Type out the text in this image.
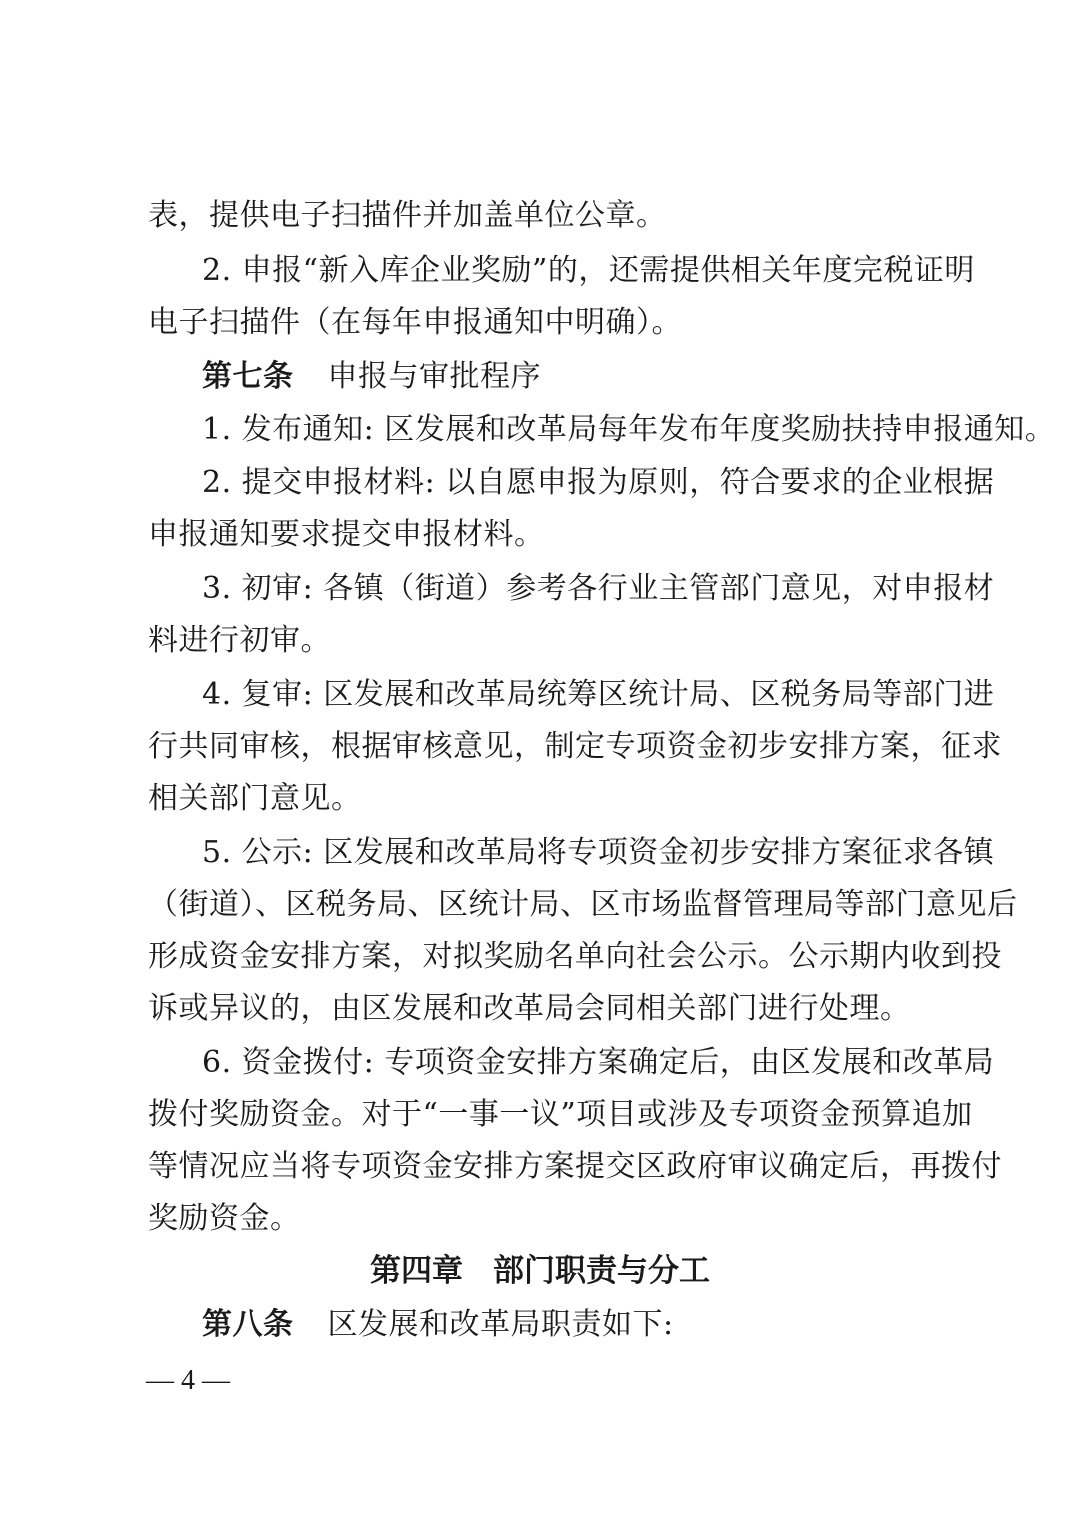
表，提供电子扫描件并加盖单位公章。
2. 申报“新入库企业奖励”的，还需提供相关年度完税证明
电子扫描件（在每年申报通知中明确）。
第七条 申报与审批程序
1. 发布通知: 区发展和改革局每年发布年度奖励扶持申报通知。
2. 提交申报材料: 以自愿申报为原则，符合要求的企业根据
申报通知要求提交申报材料。
3. 初审: 各镇（街道）参考各行业主管部门意见，对申报材
料进行初审。
4. 复审: 区发展和改革局统筹区统计局、区税务局等部门进
行共同审核，根据审核意见，制定专项资金初步安排方案，征求
相关部门意见。
5. 公示: 区发展和改革局将专项资金初步安排方案征求各镇
（街道）、区税务局、区统计局、区市场监督管理局等部门意见后
形成资金安排方案，对拟奖励名单向社会公示。公示期内收到投
诉或异议的，由区发展和改革局会同相关部门进行处理。
6. 资金拨付: 专项资金安排方案确定后，由区发展和改革局
拨付奖励资金。对于“一事一议”项目或涉及专项资金预算追加
等情况应当将专项资金安排方案提交区政府审议确定后，再拨付
奖励资金。
第四章 部门职责与分工
第八条 区发展和改革局职责如下:
— 4 —
